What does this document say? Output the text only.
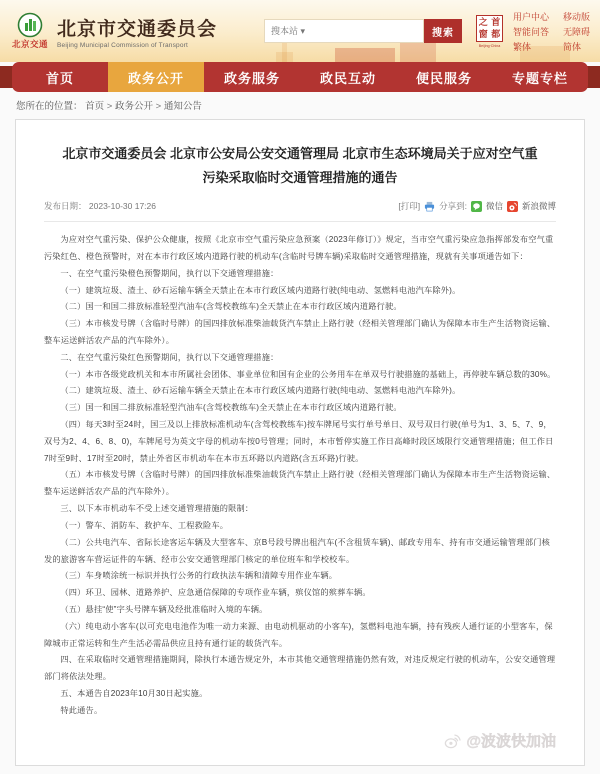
北京交通
北京市交通委员会
Beijing Municipal Commission of Transport
搜本站 ▾
搜索
之 首
窗 都
Beijing·China
用户中心
智能问答
繁体
移动版
无障碍
简体
首页	政务公开	政务服务	政民互动	便民服务	专题专栏
您所在的位置： 首页 > 政务公开 > 通知公告
北京市交通委员会 北京市公安局公安交通管理局 北京市生态环境局关于应对空气重污染采取临时交通管理措施的通告
发布日期： 2023-10-30 17:26	[打印] 分享到: 微信 新浪微博

为应对空气重污染、保护公众健康，按照《北京市空气重污染应急预案（2023年修订）》规定，当市空气重污染应急指挥部发布空气重污染红色、橙色预警时，对在本市行政区域内道路行驶的机动车(含临时号牌车辆)采取临时交通管理措施，现就有关事项通告如下：

一、在空气重污染橙色预警期间，执行以下交通管理措施：

（一）建筑垃圾、渣土、砂石运输车辆全天禁止在本市行政区域内道路行驶(纯电动、氢燃料电池汽车除外)。

（二）国一和国二排放标准轻型汽油车(含驾校教练车)全天禁止在本市行政区域内道路行驶。

（三）本市核发号牌（含临时号牌）的国四排放标准柴油载货汽车禁止上路行驶（经相关管理部门确认为保障本市生产生活物资运输、整车运送鲜活农产品的汽车除外）。

二、在空气重污染红色预警期间，执行以下交通管理措施：

（一）本市各级党政机关和本市所属社会团体、事业单位和国有企业的公务用车在单双号行驶措施的基础上，再停驶车辆总数的30%。

（二）建筑垃圾、渣土、砂石运输车辆全天禁止在本市行政区域内道路行驶(纯电动、氢燃料电池汽车除外)。

（三）国一和国二排放标准轻型汽油车(含驾校教练车)全天禁止在本市行政区域内道路行驶。

（四）每天3时至24时，国三及以上排放标准机动车(含驾校教练车)按车牌尾号实行单号单日、双号双日行驶(单号为1、3、5、7、9，双号为2、4、6、8、0)，车牌尾号为英文字母的机动车按0号管理；同时，本市暂停实施工作日高峰时段区域限行交通管理措施；但工作日7时至9时、17时至20时，禁止外省区市机动车在本市五环路以内道路(含五环路)行驶。

（五）本市核发号牌（含临时号牌）的国四排放标准柴油载货汽车禁止上路行驶（经相关管理部门确认为保障本市生产生活物资运输、整车运送鲜活农产品的汽车除外）。

三、以下本市机动车不受上述交通管理措施的限制：

（一）警车、消防车、救护车、工程救险车。

（二）公共电汽车、省际长途客运车辆及大型客车、京B号段号牌出租汽车(不含租赁车辆)、邮政专用车、持有市交通运输管理部门核发的旅游客车营运证件的车辆、经市公安交通管理部门核定的单位班车和学校校车。

（三）车身喷涂统一标识并执行公务的行政执法车辆和清障专用作业车辆。

（四）环卫、园林、道路养护、应急通信保障的专项作业车辆，殡仪馆的殡葬车辆。

（五）悬挂“使”字头号牌车辆及经批准临时入境的车辆。

（六）纯电动小客车(以可充电电池作为唯一动力来源、由电动机驱动的小客车)，氢燃料电池车辆，持有残疾人通行证的小型客车，保障城市正常运转和生产生活必需品供应且持有通行证的载货汽车。

四、在采取临时交通管理措施期间，除执行本通告规定外，本市其他交通管理措施仍然有效，对违反规定行驶的机动车，公安交通管理部门将依法处理。

五、本通告自2023年10月30日起实施。

特此通告。

@波波快加油
